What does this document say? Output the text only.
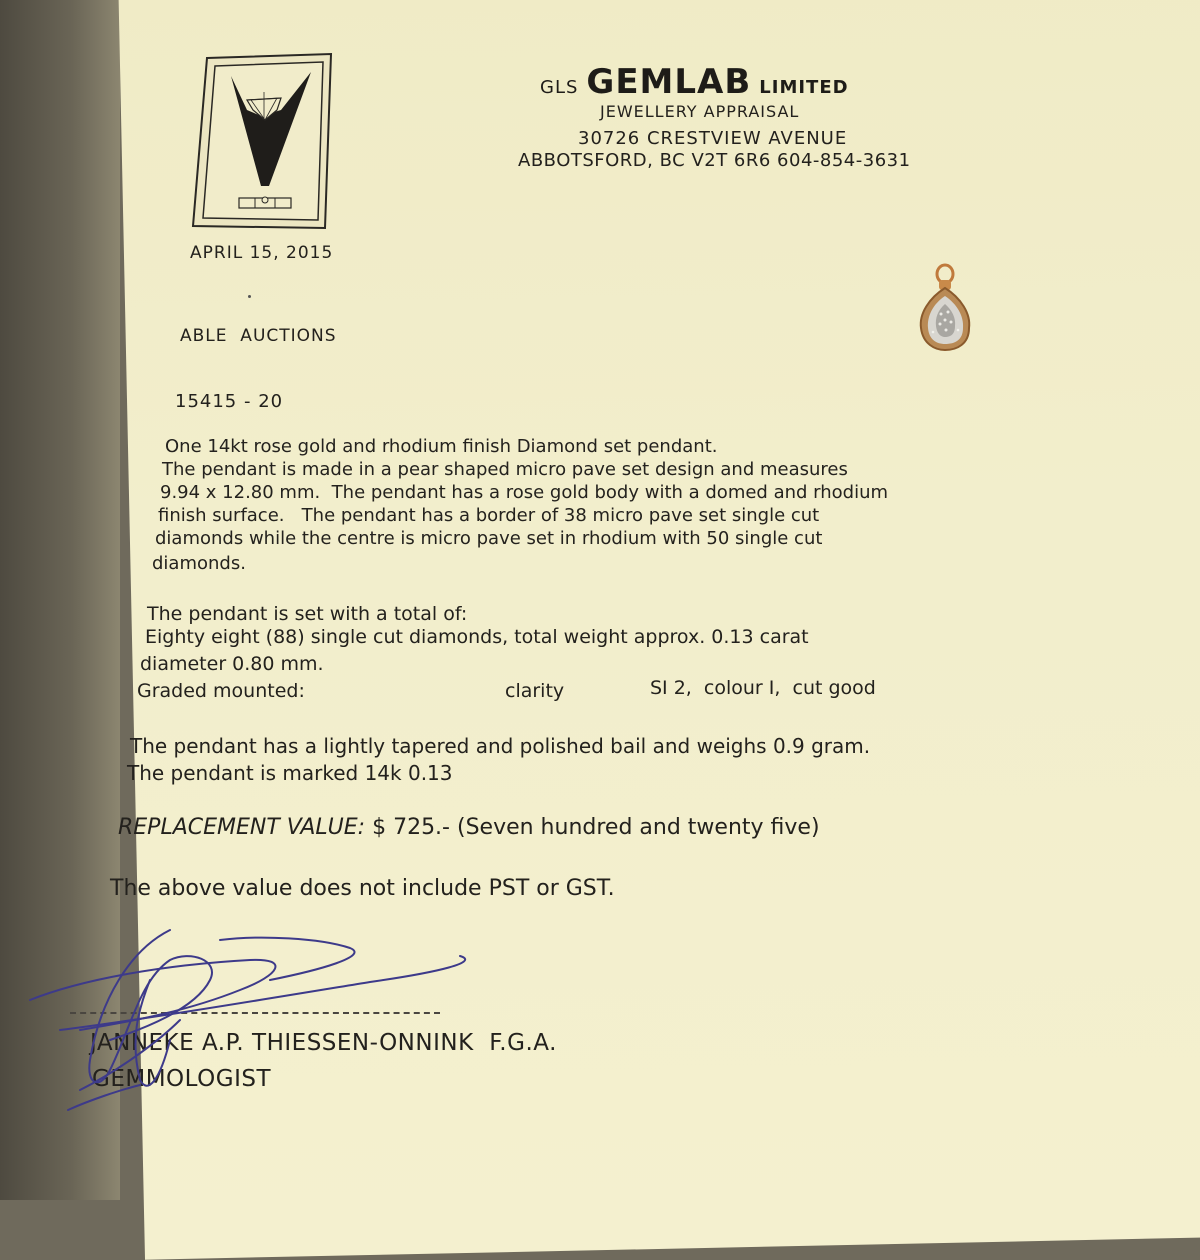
GLS GEMLAB LIMITED
JEWELLERY APPRAISAL
30726 CRESTVIEW AVENUE
ABBOTSFORD, BC V2T 6R6 604-854-3631
APRIL 15, 2015
ABLE  AUCTIONS
15415 - 20
One 14kt rose gold and rhodium finish Diamond set pendant.
The pendant is made in a pear shaped micro pave set design and measures
9.94 x 12.80 mm.  The pendant has a rose gold body with a domed and rhodium
finish surface.   The pendant has a border of 38 micro pave set single cut
diamonds while the centre is micro pave set in rhodium with 50 single cut
diamonds.
The pendant is set with a total of:
Eighty eight (88) single cut diamonds, total weight approx. 0.13 carat
diameter 0.80 mm.
Graded mounted:	clarity	SI 2,  colour I,  cut good
The pendant has a lightly tapered and polished bail and weighs 0.9 gram.
The pendant is marked 14k 0.13
REPLACEMENT VALUE: $ 725.- (Seven hundred and twenty five)
The above value does not include PST or GST.
JANNEKE A.P. THIESSEN-ONNINK  F.G.A.
GEMMOLOGIST
